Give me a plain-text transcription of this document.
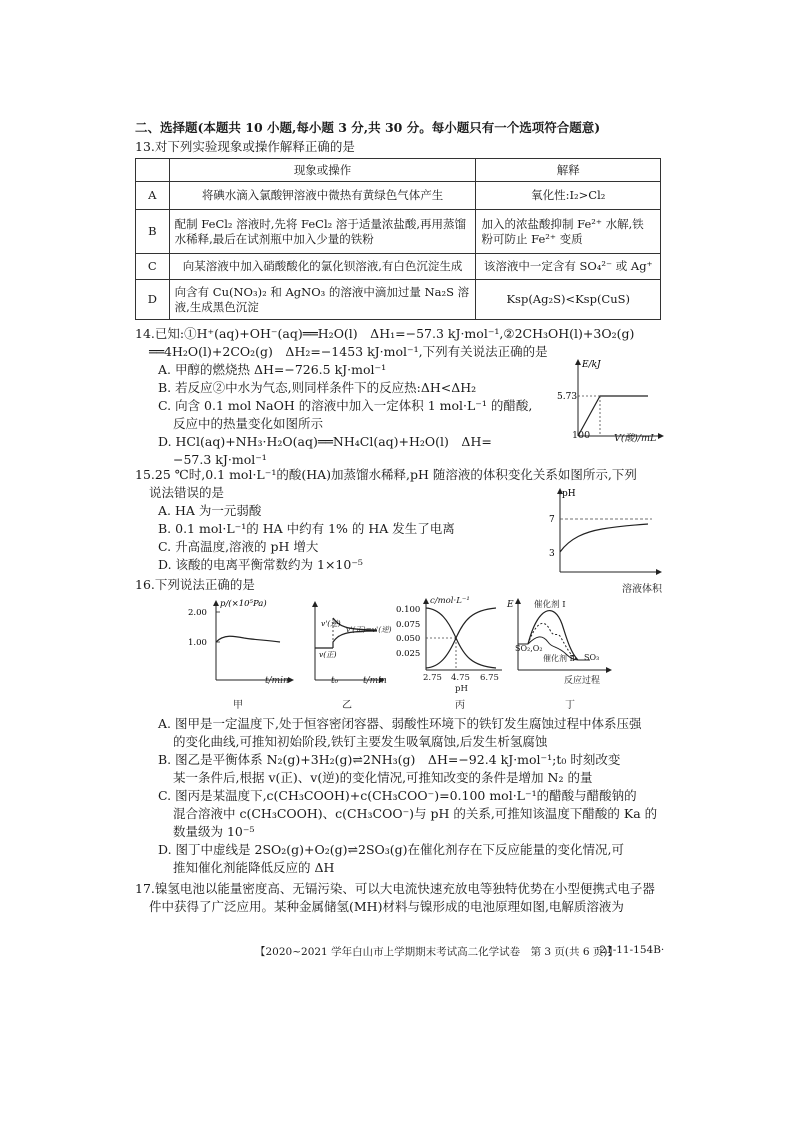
二、选择题(本题共 10 小题,每小题 3 分,共 30 分。每小题只有一个选项符合题意)
13.对下列实验现象或操作解释正确的是
	现象或操作	解释
A	将碘水滴入氯酸钾溶液中微热有黄绿色气体产生	氧化性:I₂>Cl₂
B	配制 FeCl₂ 溶液时,先将 FeCl₂ 溶于适量浓盐酸,再用蒸馏水稀释,最后在试剂瓶中加入少量的铁粉	加入的浓盐酸抑制 Fe²⁺ 水解,铁粉可防止 Fe²⁺ 变质
C	向某溶液中加入硝酸酸化的氯化钡溶液,有白色沉淀生成	该溶液中一定含有 SO₄²⁻ 或 Ag⁺
D	向含有 Cu(NO₃)₂ 和 AgNO₃ 的溶液中滴加过量 Na₂S 溶液,生成黑色沉淀	Ksp(Ag₂S)<Ksp(CuS)
14.已知:①H⁺(aq)+OH⁻(aq)══H₂O(l)　ΔH₁=−57.3 kJ·mol⁻¹,②2CH₃OH(l)+3O₂(g)
══4H₂O(l)+2CO₂(g)　ΔH₂=−1453 kJ·mol⁻¹,下列有关说法正确的是
A. 甲醇的燃烧热 ΔH=−726.5 kJ·mol⁻¹
B. 若反应②中水为气态,则同样条件下的反应热:ΔH<ΔH₂
C. 向含 0.1 mol NaOH 的溶液中加入一定体积 1 mol·L⁻¹ 的醋酸,
反应中的热量变化如图所示
D. HCl(aq)+NH₃·H₂O(aq)══NH₄Cl(aq)+H₂O(l)　ΔH=
−57.3 kJ·mol⁻¹
E/kJ
5.73
100	V(酸)/mL
15.25 ℃时,0.1 mol·L⁻¹的酸(HA)加蒸馏水稀释,pH 随溶液的体积变化关系如图所示,下列
说法错误的是
A. HA 为一元弱酸
B. 0.1 mol·L⁻¹的 HA 中约有 1% 的 HA 发生了电离
C. 升高温度,溶液的 pH 增大
D. 该酸的电离平衡常数约为 1×10⁻⁵
pH
7
3
溶液体积
16.下列说法正确的是
p/(×10⁵Pa)
2.00
1.00
t/min
甲
v'(逆)
v(正)
v'(正)=v'(逆)
t₀	t/min
乙
0.100
0.075
0.050
0.025
c/mol·L⁻¹
2.75 4.75 6.75
pH
丙
E 催化剂 Ⅰ
SO₂,O₂
催化剂 Ⅱ SO₃
反应过程
丁
A. 图甲是一定温度下,处于恒容密闭容器、弱酸性环境下的铁钉发生腐蚀过程中体系压强
的变化曲线,可推知初始阶段,铁钉主要发生吸氧腐蚀,后发生析氢腐蚀
B. 图乙是平衡体系 N₂(g)+3H₂(g)⇌2NH₃(g)　ΔH=−92.4 kJ·mol⁻¹;t₀ 时刻改变
某一条件后,根据 v(正)、v(逆)的变化情况,可推知改变的条件是增加 N₂ 的量
C. 图丙是某温度下,c(CH₃COOH)+c(CH₃COO⁻)=0.100 mol·L⁻¹的醋酸与醋酸钠的
混合溶液中 c(CH₃COOH)、c(CH₃COO⁻)与 pH 的关系,可推知该温度下醋酸的 Ka 的
数量级为 10⁻⁵
D. 图丁中虚线是 2SO₂(g)+O₂(g)⇌2SO₃(g)在催化剂存在下反应能量的变化情况,可
推知催化剂能降低反应的 ΔH
17.镍氢电池以能量密度高、无镉污染、可以大电流快速充放电等独特优势在小型便携式电子器
件中获得了广泛应用。某种金属储氢(MH)材料与镍形成的电池原理如图,电解质溶液为
【2020~2021 学年白山市上学期期末考试高二化学试卷　第 3 页(共 6 页)】
·21-11-154B·
